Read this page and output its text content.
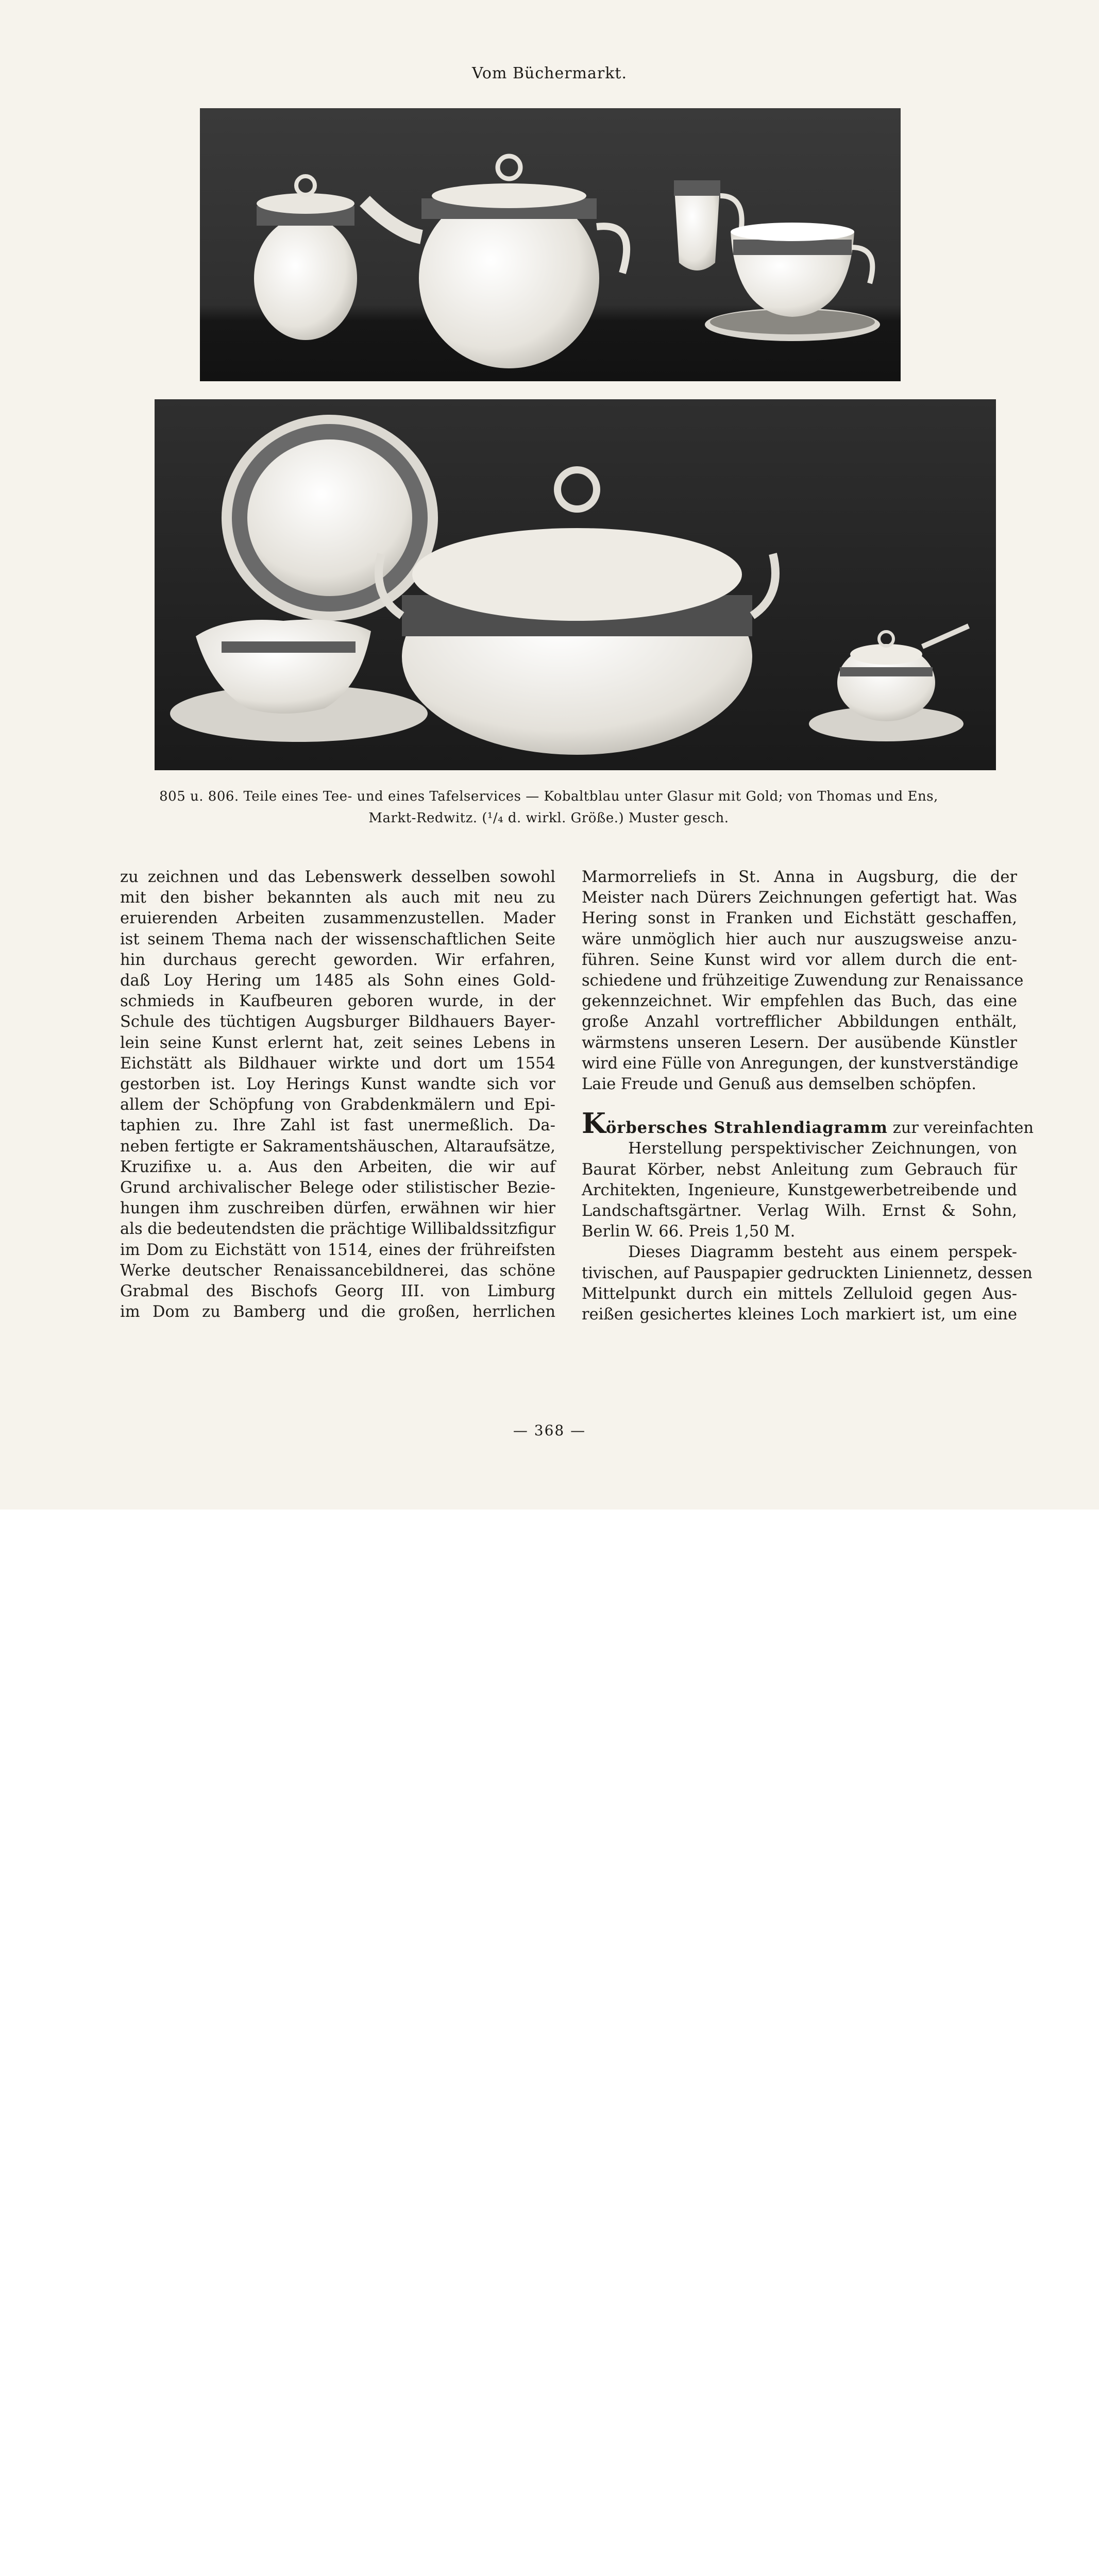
Vom Büchermarkt.
805 u. 806. Teile eines Tee- und eines Tafelservices — Kobaltblau unter Glasur mit Gold; von Thomas und Ens,
Markt-Redwitz. (¹/₄ d. wirkl. Größe.) Muster gesch.
zu zeichnen und das Lebenswerk desselben sowohl
mit den bisher bekannten als auch mit neu zu
eruierenden Arbeiten zusammenzustellen. Mader
ist seinem Thema nach der wissenschaftlichen Seite
hin durchaus gerecht geworden. Wir erfahren,
daß Loy Hering um 1485 als Sohn eines Gold-
schmieds in Kaufbeuren geboren wurde, in der
Schule des tüchtigen Augsburger Bildhauers Bayer-
lein seine Kunst erlernt hat, zeit seines Lebens in
Eichstätt als Bildhauer wirkte und dort um 1554
gestorben ist. Loy Herings Kunst wandte sich vor
allem der Schöpfung von Grabdenkmälern und Epi-
taphien zu. Ihre Zahl ist fast unermeßlich. Da-
neben fertigte er Sakramentshäuschen, Altaraufsätze,
Kruzifixe u. a. Aus den Arbeiten, die wir auf
Grund archivalischer Belege oder stilistischer Bezie-
hungen ihm zuschreiben dürfen, erwähnen wir hier
als die bedeutendsten die prächtige Willibaldssitzfigur
im Dom zu Eichstätt von 1514, eines der frühreifsten
Werke deutscher Renaissancebildnerei, das schöne
Grabmal des Bischofs Georg III. von Limburg
im Dom zu Bamberg und die großen, herrlichen
Marmorreliefs in St. Anna in Augsburg, die der
Meister nach Dürers Zeichnungen gefertigt hat. Was
Hering sonst in Franken und Eichstätt geschaffen,
wäre unmöglich hier auch nur auszugsweise anzu-
führen. Seine Kunst wird vor allem durch die ent-
schiedene und frühzeitige Zuwendung zur Renaissance
gekennzeichnet. Wir empfehlen das Buch, das eine
große Anzahl vortrefflicher Abbildungen enthält,
wärmstens unseren Lesern. Der ausübende Künstler
wird eine Fülle von Anregungen, der kunstverständige
Laie Freude und Genuß aus demselben schöpfen.
Körbersches Strahlendiagramm zur vereinfachten
Herstellung perspektivischer Zeichnungen, von
Baurat Körber, nebst Anleitung zum Gebrauch für
Architekten, Ingenieure, Kunstgewerbetreibende und
Landschaftsgärtner. Verlag Wilh. Ernst & Sohn,
Berlin W. 66. Preis 1,50 M.
Dieses Diagramm besteht aus einem perspek-
tivischen, auf Pauspapier gedruckten Liniennetz, dessen
Mittelpunkt durch ein mittels Zelluloid gegen Aus-
reißen gesichertes kleines Loch markiert ist, um eine
— 368 —
